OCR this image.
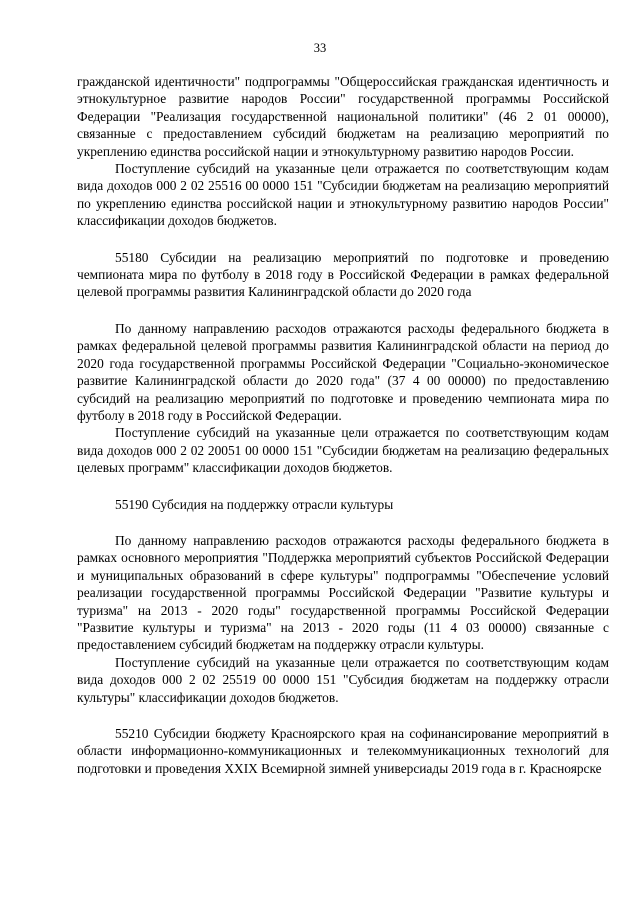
33

гражданской идентичности" подпрограммы "Общероссийская гражданская идентичность и этнокультурное развитие народов России" государственной программы Российской Федерации "Реализация государственной национальной политики" (46 2 01 00000), связанные с предоставлением субсидий бюджетам на реализацию мероприятий по укреплению единства российской нации и этнокультурному развитию народов России.

Поступление субсидий на указанные цели отражается по соответствующим кодам вида доходов 000 2 02 25516 00 0000 151 "Субсидии бюджетам на реализацию мероприятий по укреплению единства российской нации и этнокультурному развитию народов России" классификации доходов бюджетов.

55180 Субсидии на реализацию мероприятий по подготовке и проведению чемпионата мира по футболу в 2018 году в Российской Федерации в рамках федеральной целевой программы развития Калининградской области до 2020 года

По данному направлению расходов отражаются расходы федерального бюджета в рамках федеральной целевой программы развития Калининградской области на период до 2020 года государственной программы Российской Федерации "Социально-экономическое развитие Калининградской области до 2020 года" (37 4 00 00000) по предоставлению субсидий на реализацию мероприятий по подготовке и проведению чемпионата мира по футболу в 2018 году в Российской Федерации.

Поступление субсидий на указанные цели отражается по соответствующим кодам вида доходов 000 2 02 20051 00 0000 151 "Субсидии бюджетам на реализацию федеральных целевых программ" классификации доходов бюджетов.

55190 Субсидия на поддержку отрасли культуры

По данному направлению расходов отражаются расходы федерального бюджета в рамках основного мероприятия "Поддержка мероприятий субъектов Российской Федерации и муниципальных образований в сфере культуры" подпрограммы "Обеспечение условий реализации государственной программы Российской Федерации "Развитие культуры и туризма" на 2013 - 2020 годы" государственной программы Российской Федерации "Развитие культуры и туризма" на 2013 - 2020 годы (11 4 03 00000) связанные с предоставлением субсидий бюджетам на поддержку отрасли культуры.

Поступление субсидий на указанные цели отражается по соответствующим кодам вида доходов 000 2 02 25519 00 0000 151 "Субсидия бюджетам на поддержку отрасли культуры" классификации доходов бюджетов.

55210 Субсидии бюджету Красноярского края на софинансирование мероприятий в области информационно-коммуникационных и телекоммуникационных технологий для подготовки и проведения XXIX Всемирной зимней универсиады 2019 года в г. Красноярске
